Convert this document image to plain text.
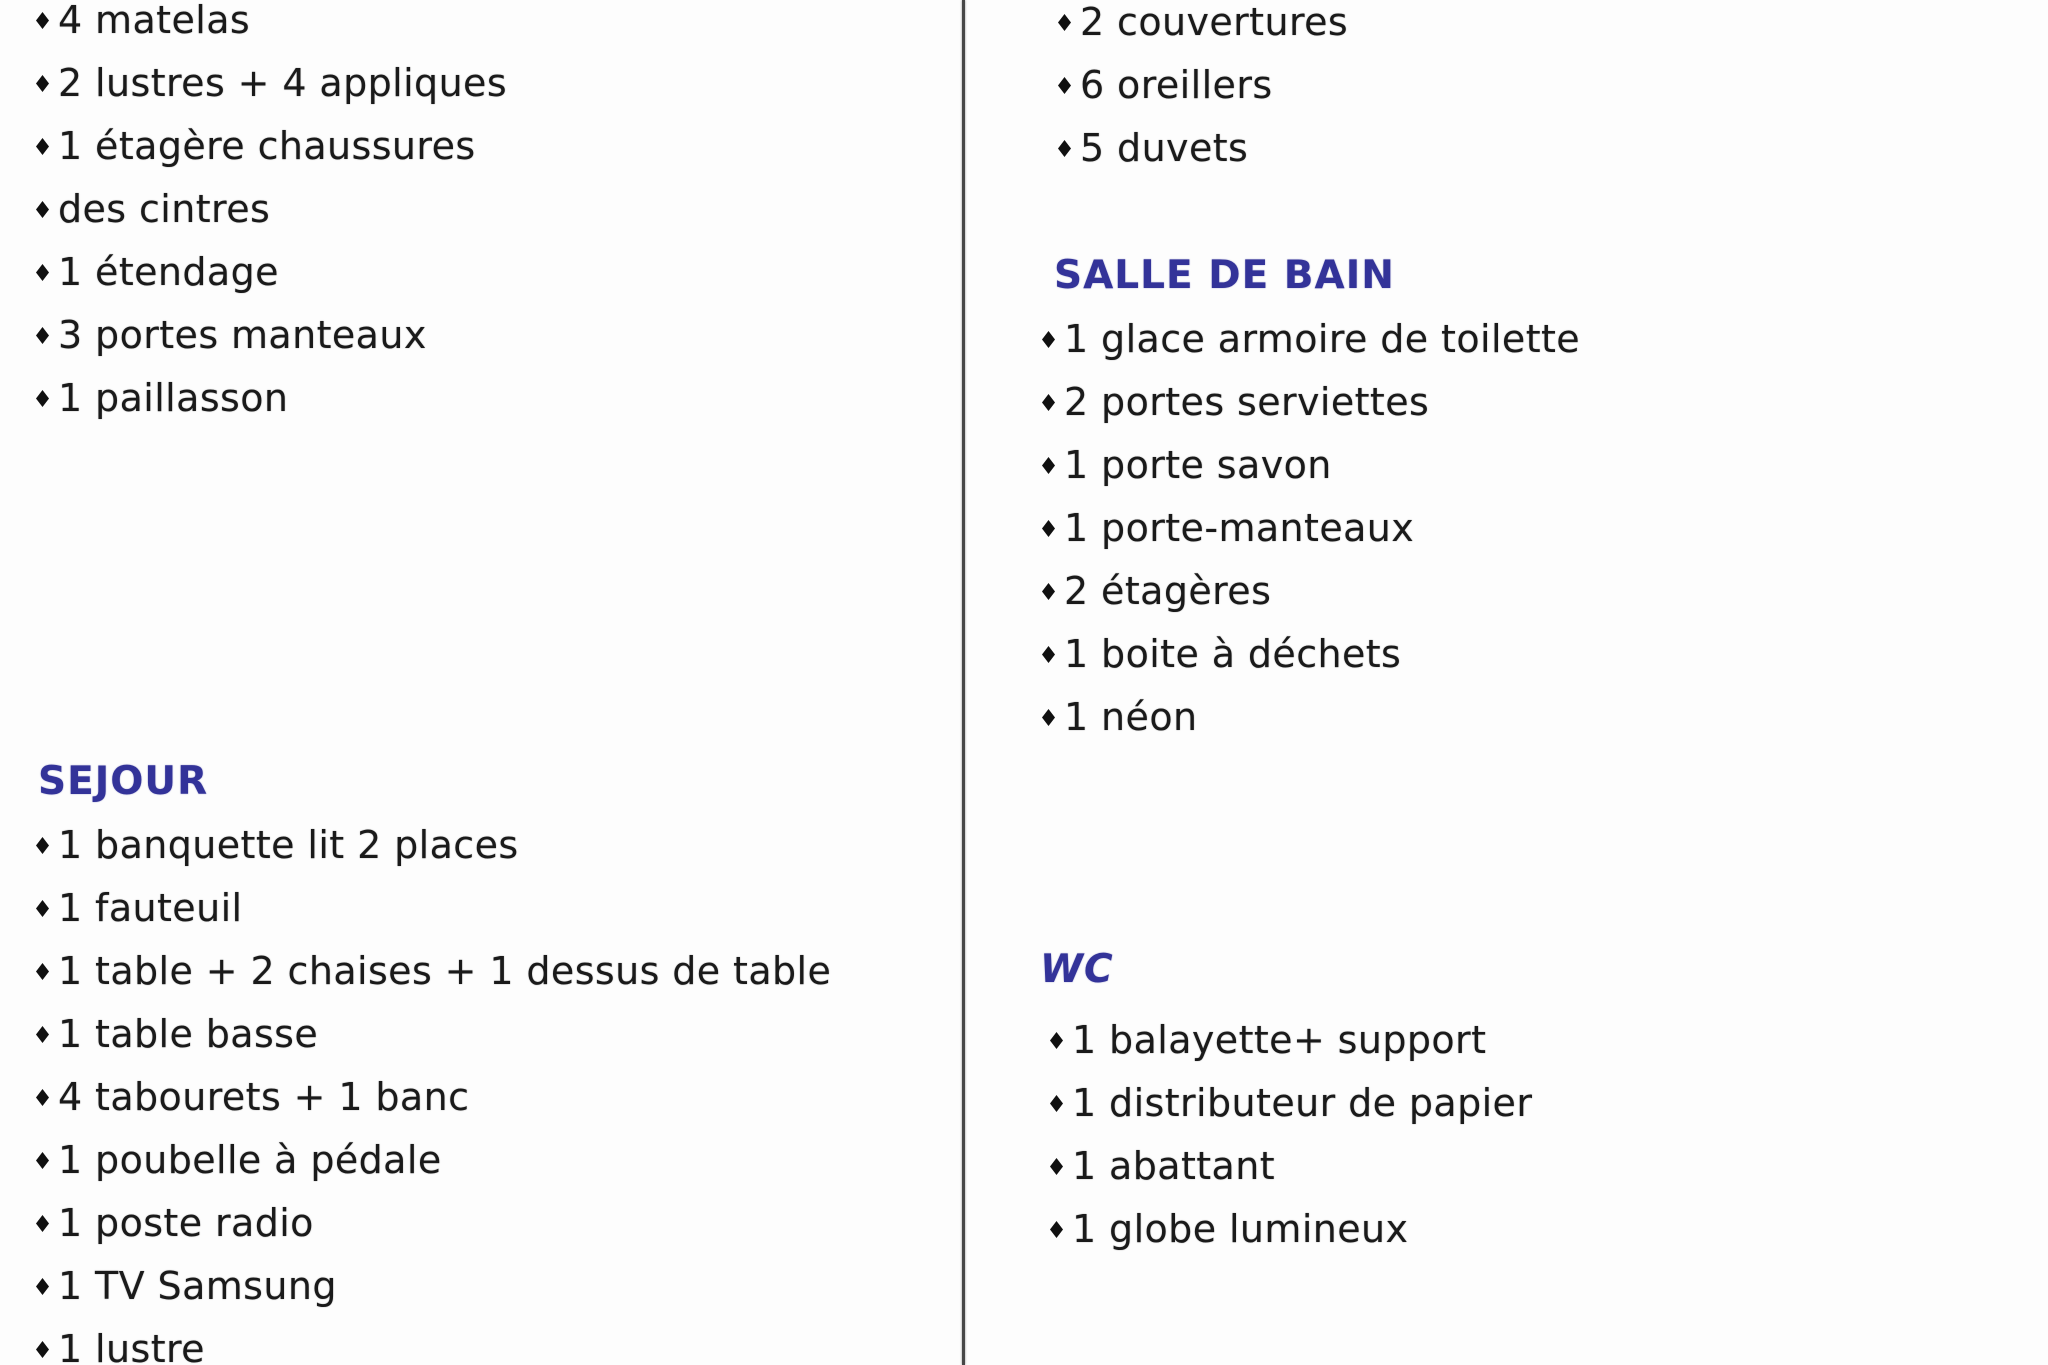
4 matelas
2 lustres + 4 appliques
1 étagère chaussures
des cintres
1 étendage
3 portes manteaux
1 paillasson
SEJOUR
1 banquette lit 2 places
1 fauteuil
1 table + 2 chaises + 1 dessus de table
1 table basse
4 tabourets + 1 banc
1 poubelle à pédale
1 poste radio
1 TV Samsung
1 lustre
2 couvertures
6 oreillers
5 duvets
SALLE DE BAIN
1 glace armoire de toilette
2 portes serviettes
1 porte savon
1 porte-manteaux
2 étagères
1 boite à déchets
1 néon
WC
1 balayette+ support
1 distributeur de papier
1 abattant
1 globe lumineux
